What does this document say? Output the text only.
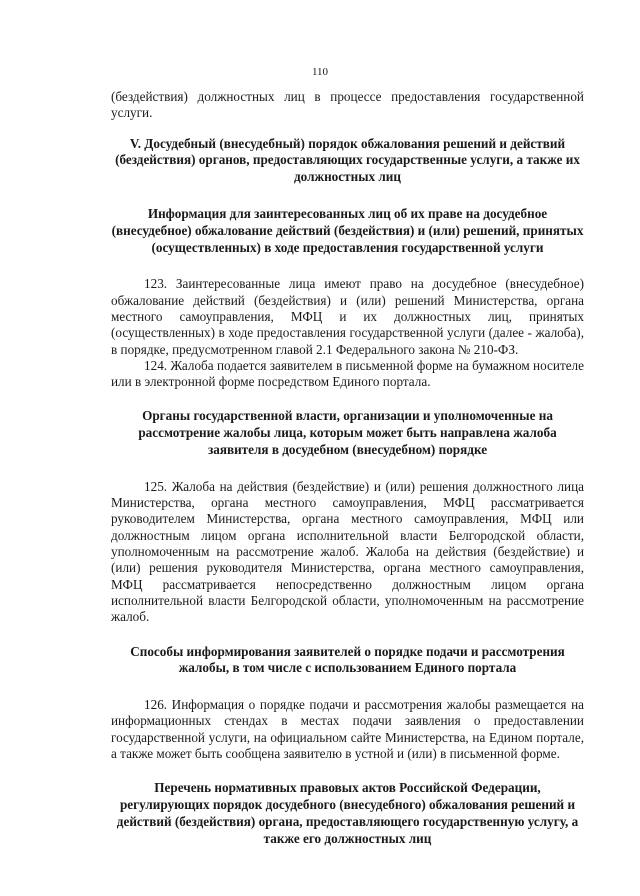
110

(бездействия) должностных лиц в процессе предоставления государственной услуги.

V. Досудебный (внесудебный) порядок обжалования решений и действий (бездействия) органов, предоставляющих государственные услуги, а также их должностных лиц
Информация для заинтересованных лиц об их праве на досудебное (внесудебное) обжалование действий (бездействия) и (или) решений, принятых (осуществленных) в ходе предоставления государственной услуги

123. Заинтересованные лица имеют право на досудебное (внесудебное) обжалование действий (бездействия) и (или) решений Министерства, органа местного самоуправления, МФЦ и их должностных лиц, принятых (осуществленных) в ходе предоставления государственной услуги (далее - жалоба), в порядке, предусмотренном главой 2.1 Федерального закона № 210-ФЗ.

124. Жалоба подается заявителем в письменной форме на бумажном носителе или в электронной форме посредством Единого портала.

Органы государственной власти, организации и уполномоченные на рассмотрение жалобы лица, которым может быть направлена жалоба заявителя в досудебном (внесудебном) порядке

125. Жалоба на действия (бездействие) и (или) решения должностного лица Министерства, органа местного самоуправления, МФЦ рассматривается руководителем Министерства, органа местного самоуправления, МФЦ или должностным лицом органа исполнительной власти Белгородской области, уполномоченным на рассмотрение жалоб. Жалоба на действия (бездействие) и (или) решения руководителя Министерства, органа местного самоуправления, МФЦ рассматривается непосредственно должностным лицом органа исполнительной власти Белгородской области, уполномоченным на рассмотрение жалоб.

Способы информирования заявителей о порядке подачи и рассмотрения жалобы, в том числе с использованием Единого портала

126. Информация о порядке подачи и рассмотрения жалобы размещается на информационных стендах в местах подачи заявления о предоставлении государственной услуги, на официальном сайте Министерства, на Едином портале, а также может быть сообщена заявителю в устной и (или) в письменной форме.

Перечень нормативных правовых актов Российской Федерации, регулирующих порядок досудебного (внесудебного) обжалования решений и действий (бездействия) органа, предоставляющего государственную услугу, а также его должностных лиц
